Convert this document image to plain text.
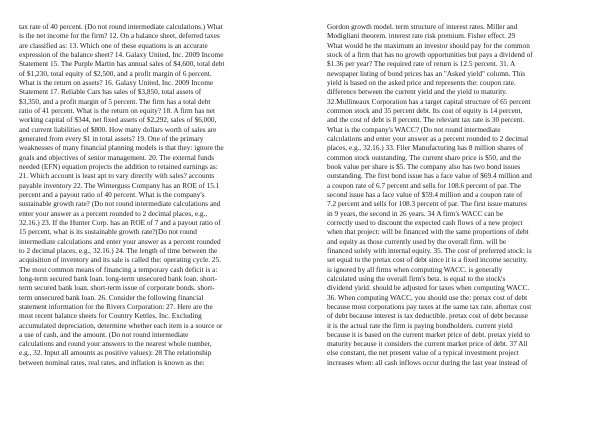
tax rate of 40 percent. (Do not round intermediate calculations.) What
is the net income for the firm? 12. On a balance sheet, deferred taxes
are classified as: 13. Which one of these equations is an accurate
expression of the balance sheet? 14. Galaxy United, Inc. 2009 Income
Statement 15. The Purple Martin has annual sales of $4,600, total debt
of $1,230, total equity of $2,500, and a profit margin of 6 percent.
What is the return on assets? 16. Galaxy United, Inc. 2009 Income
Statement 17. Reliable Cars has sales of $3,850, total assets of
$3,350, and a profit margin of 5 percent. The firm has a total debt
ratio of 41 percent. What is the return on equity? 18. A firm has net
working capital of $344, net fixed assets of $2,292, sales of $6,000,
and current liabilities of $800. How many dollars worth of sales are
generated from every $1 in total assets? 19. One of the primary
weaknesses of many financial planning models is that they: ignore the
goals and objectives of senior management. 20. The external funds
needed (EFN) equation projects the addition to retained earnings as:
21. Which account is least apt to vary directly with sales? accounts
payable inventory 22. The Winterguss Company has an ROE of 15.1
percent and a payout ratio of 40 percent. What is the company's
sustainable growth rate? (Do not round intermediate calculations and
enter your answer as a percent rounded to 2 decimal places, e.g.,
32.16.) 23. If the Hunter Corp. has an ROE of 7 and a payout ratio of
15 percent, what is its sustainable growth rate?(Do not round
intermediate calculations and enter your answer as a percent rounded
to 2 decimal places, e.g., 32.16.) 24. The length of time between the
acquisition of inventory and its sale is called the: operating cycle. 25.
The most common means of financing a temporary cash deficit is a:
long-term secured bank loan. long-term unsecured bank loan. short-
term secured bank loan. short-term issue of corporate bonds. short-
term unsecured bank loan. 26. Consider the following financial
statement information for the Rivers Corporation: 27. Here are the
most recent balance sheets for Country Kettles, Inc. Excluding
accumulated depreciation, determine whether each item is a source or
a use of cash, and the amount. (Do not round intermediate
calculations and round your answers to the nearest whole number,
e.g., 32. Input all amounts as positive values): 28 The relationship
between nominal rates, real rates, and inflation is known as the:
Gordon growth model. term structure of interest rates. Miller and
Modigliani theorem. interest rate risk premium. Fisher effect. 29
What would be the maximum an investor should pay for the common
stock of a firm that has no growth opportunities but pays a dividend of
$1.36 per year? The required rate of return is 12.5 percent. 31. A
newspaper listing of bond prices has an "Asked yield" column. This
yield is based on the asked price and represents the: coupon rate.
difference between the current yield and the yield to maturity.
32.Mullineaux Corporation has a target capital structure of 65 percent
common stock and 35 percent debt. Its cost of equity is 14 percent,
and the cost of debt is 8 percent. The relevant tax rate is 30 percent.
What is the company's WACC? (Do not round intermediate
calculations and enter your answer as a percent rounded to 2 decimal
places, e.g., 32.16.) 33. Filer Manufacturing has 8 million shares of
common stock outstanding. The current share price is $50, and the
book value per share is $5. The company also has two bond issues
outstanding. The first bond issue has a face value of $69.4 million and
a coupon rate of 6.7 percent and sells for 108.6 percent of par. The
second issue has a face value of $59.4 million and a coupon rate of
7.2 percent and sells for 108.3 percent of par. The first issue matures
in 9 years, the second in 26 years. 34 A firm's WACC can be
correctly used to discount the expected cash flows of a new project
when that project: will be financed with the same proportions of debt
and equity as those currently used by the overall firm. will be
financed solely with internal equity. 35. The cost of preferred stock: is
set equal to the pretax cost of debt since it is a fixed income security.
is ignored by all firms when computing WACC. is generally
calculated using the overall firm's beta. is equal to the stock's
dividend yield. should be adjusted for taxes when computing WACC.
36. When computing WACC, you should use the: pretax cost of debt
because most corporations pay taxes at the same tax rate. aftertax cost
of debt because interest is tax deductible. pretax cost of debt because
it is the actual rate the firm is paying bondholders. current yield
because it is based on the current market price of debt. pretax yield to
maturity because it considers the current market price of debt. 37 All
else constant, the net present value of a typical investment project
increases when: all cash inflows occur during the last year instead of
